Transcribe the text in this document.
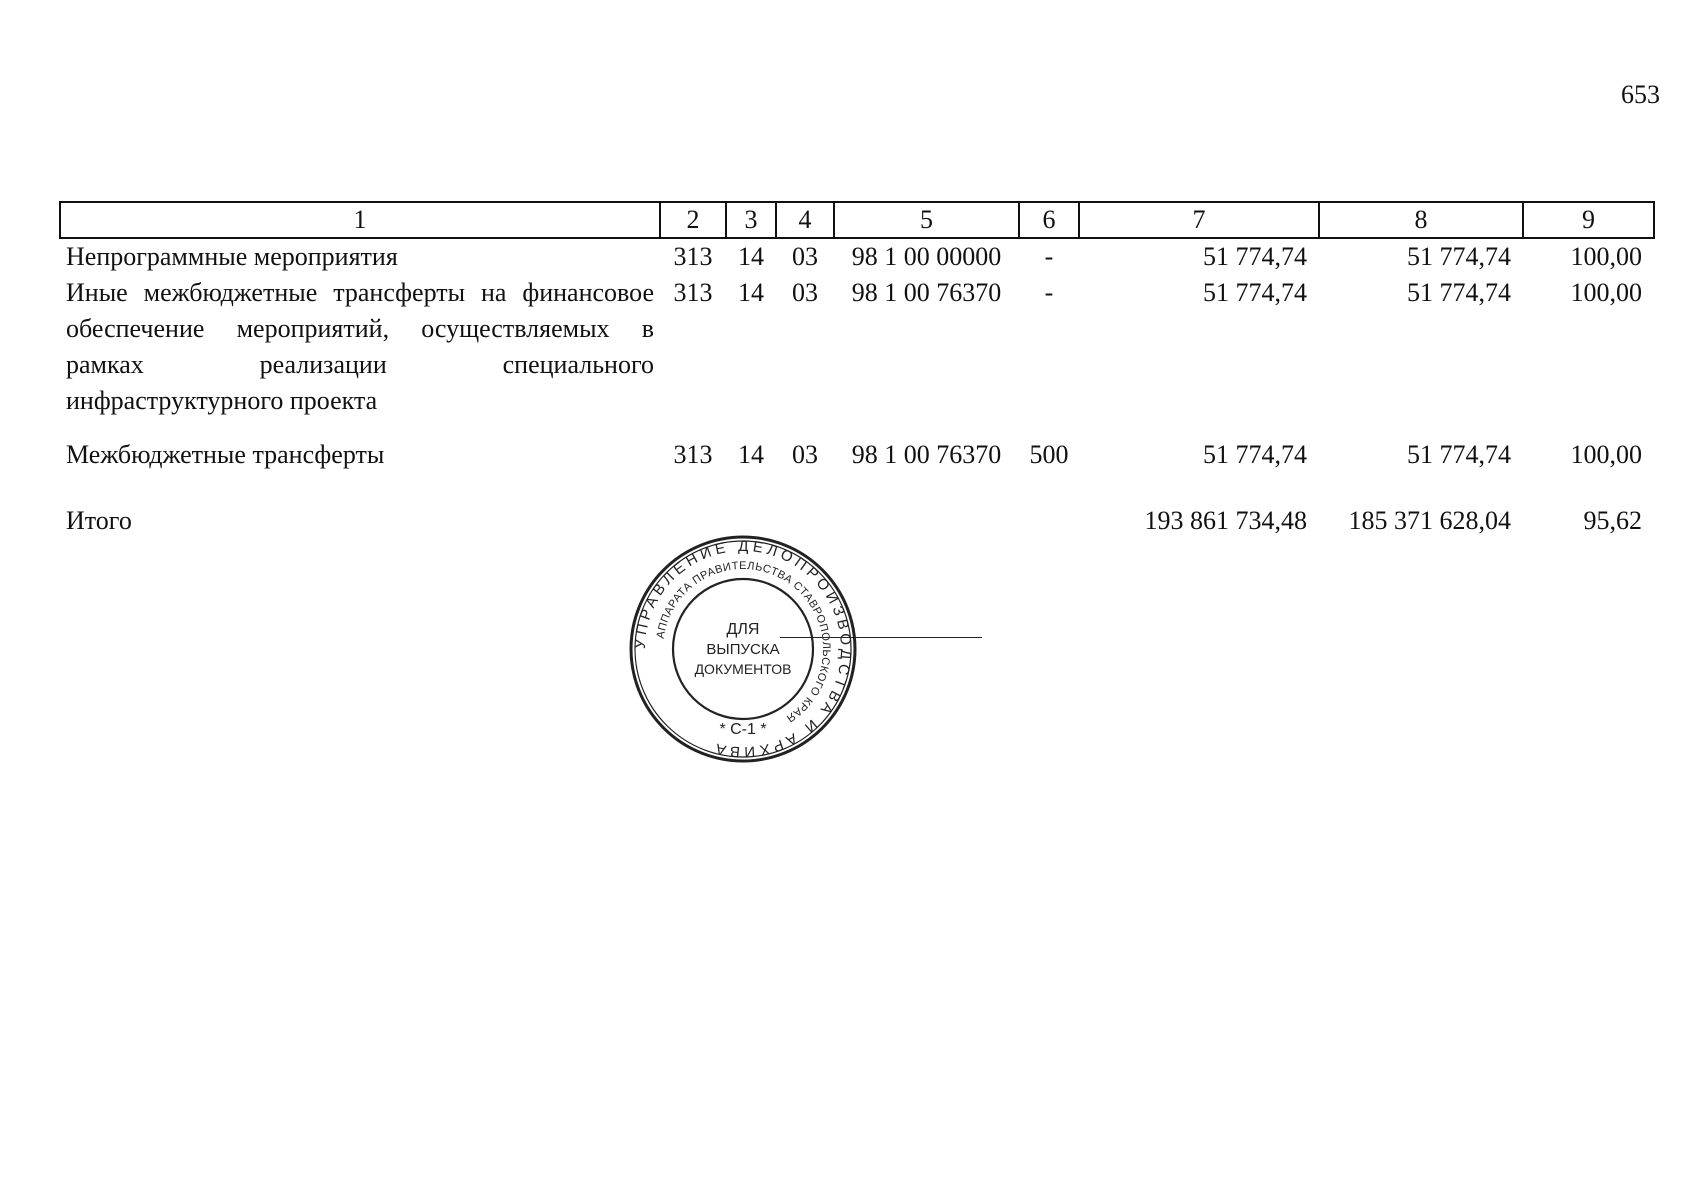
653
1	2	3	4	5	6	7	8	9
Непрограммные мероприятия	313	14	03	98 1 00 00000	-	51 774,74	51 774,74	100,00
Иные межбюджетные трансферты на финансовое обеспечение мероприятий, осуществляемых в рамках реализации специального инфраструктурного проекта	313	14	03	98 1 00 76370	-	51 774,74	51 774,74	100,00
Межбюджетные трансферты	313	14	03	98 1 00 76370	500	51 774,74	51 774,74	100,00
Итого						193 861 734,48	185 371 628,04	95,62
УПРАВЛЕНИЕ ДЕЛОПРОИЗВОДСТВА И АРХИВА
АППАРАТА ПРАВИТЕЛЬСТВА СТАВРОПОЛЬСКОГО КРАЯ
ДЛЯ
ВЫПУСКА
ДОКУМЕНТОВ
* С-1 *
